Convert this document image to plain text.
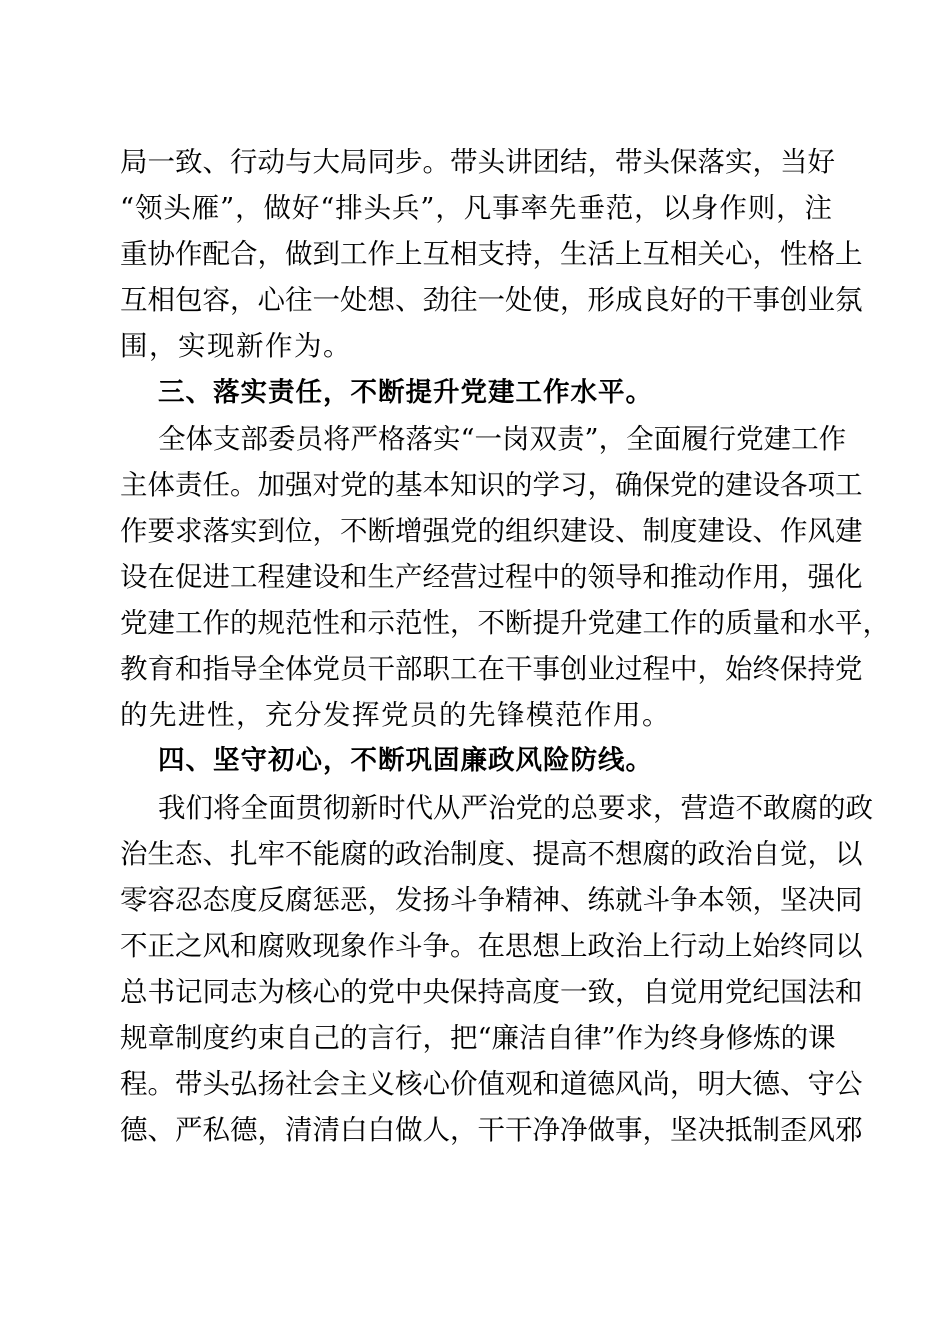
局一致、行动与大局同步。带头讲团结，带头保落实，当好
“领头雁”，做好“排头兵”，凡事率先垂范，以身作则，注
重协作配合，做到工作上互相支持，生活上互相关心，性格上
互相包容，心往一处想、劲往一处使，形成良好的干事创业氛
围，实现新作为。
三、落实责任，不断提升党建工作水平。
全体支部委员将严格落实“一岗双责”，全面履行党建工作
主体责任。加强对党的基本知识的学习，确保党的建设各项工
作要求落实到位，不断增强党的组织建设、制度建设、作风建
设在促进工程建设和生产经营过程中的领导和推动作用，强化
党建工作的规范性和示范性，不断提升党建工作的质量和水平，
教育和指导全体党员干部职工在干事创业过程中，始终保持党
的先进性，充分发挥党员的先锋模范作用。
四、坚守初心，不断巩固廉政风险防线。
我们将全面贯彻新时代从严治党的总要求，营造不敢腐的政
治生态、扎牢不能腐的政治制度、提高不想腐的政治自觉，以
零容忍态度反腐惩恶，发扬斗争精神、练就斗争本领，坚决同
不正之风和腐败现象作斗争。在思想上政治上行动上始终同以
总书记同志为核心的党中央保持高度一致，自觉用党纪国法和
规章制度约束自己的言行，把“廉洁自律”作为终身修炼的课
程。带头弘扬社会主义核心价值观和道德风尚，明大德、守公
德、严私德，清清白白做人，干干净净做事，坚决抵制歪风邪
